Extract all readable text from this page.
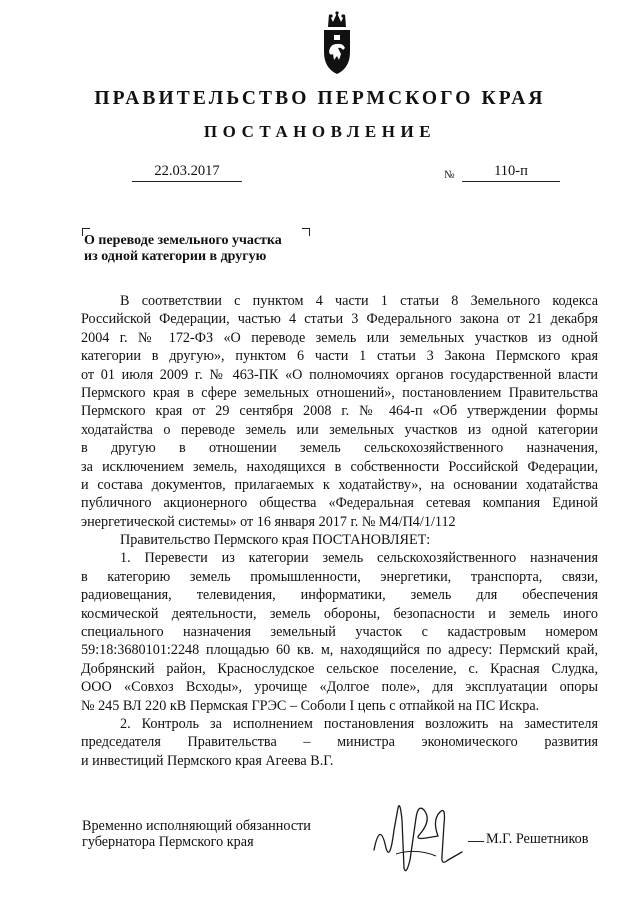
ПРАВИТЕЛЬСТВО ПЕРМСКОГО КРАЯ
ПОСТАНОВЛЕНИЕ
22.03.2017	№	110-п
О переводе земельного участка
из одной категории в другую
В соответствии с пунктом 4 части 1 статьи 8 Земельного кодекса
Российской Федерации, частью 4 статьи 3 Федерального закона от 21 декабря
2004 г. № 172-ФЗ «О переводе земель или земельных участков из одной
категории в другую», пунктом 6 части 1 статьи 3 Закона Пермского края
от 01 июля 2009 г. № 463-ПК «О полномочиях органов государственной власти
Пермского края в сфере земельных отношений», постановлением Правительства
Пермского края от 29 сентября 2008 г. № 464-п «Об утверждении формы
ходатайства о переводе земель или земельных участков из одной категории
в другую в отношении земель сельскохозяйственного назначения,
за исключением земель, находящихся в собственности Российской Федерации,
и состава документов, прилагаемых к ходатайству», на основании ходатайства
публичного акционерного общества «Федеральная сетевая компания Единой
энергетической системы» от 16 января 2017 г. № М4/П4/1/112
Правительство Пермского края ПОСТАНОВЛЯЕТ:
1. Перевести из категории земель сельскохозяйственного назначения
в категорию земель промышленности, энергетики, транспорта, связи,
радиовещания, телевидения, информатики, земель для обеспечения
космической деятельности, земель обороны, безопасности и земель иного
специального назначения земельный участок с кадастровым номером
59:18:3680101:2248 площадью 60 кв. м, находящийся по адресу: Пермский край,
Добрянский район, Краснослудское сельское поселение, с. Красная Слудка,
ООО «Совхоз Всходы», урочище «Долгое поле», для эксплуатации опоры
№ 245 ВЛ 220 кВ Пермская ГРЭС – Соболи I цепь с отпайкой на ПС Искра.
2. Контроль за исполнением постановления возложить на заместителя
председателя Правительства – министра экономического развития
и инвестиций Пермского края Агеева В.Г.
Временно исполняющий обязанности
губернатора Пермского края	М.Г. Решетников
